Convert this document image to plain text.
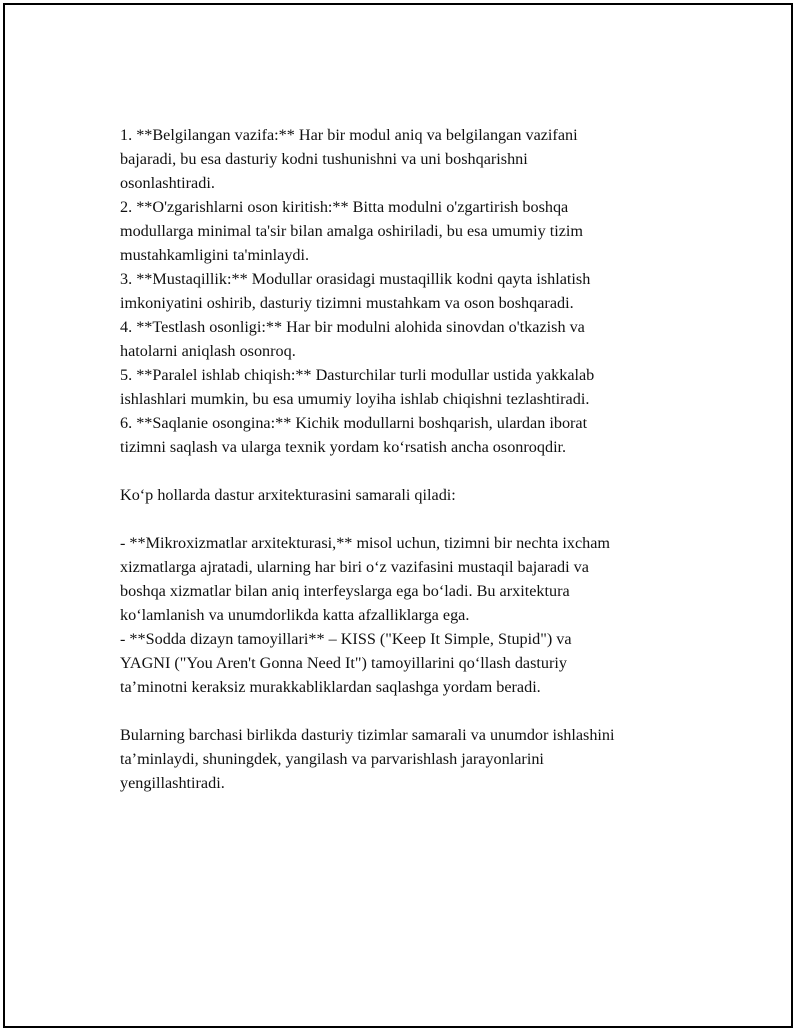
1. **Belgilangan vazifa:** Har bir modul aniq va belgilangan vazifani
bajaradi, bu esa dasturiy kodni tushunishni va uni boshqarishni
osonlashtiradi.

2. **O'zgarishlarni oson kiritish:** Bitta modulni o'zgartirish boshqa
modullarga minimal ta'sir bilan amalga oshiriladi, bu esa umumiy tizim
mustahkamligini ta'minlaydi.

3. **Mustaqillik:** Modullar orasidagi mustaqillik kodni qayta ishlatish
imkoniyatini oshirib, dasturiy tizimni mustahkam va oson boshqaradi.

4. **Testlash osonligi:** Har bir modulni alohida sinovdan o'tkazish va
hatolarni aniqlash osonroq.

5. **Paralel ishlab chiqish:** Dasturchilar turli modullar ustida yakkalab
ishlashlari mumkin, bu esa umumiy loyiha ishlab chiqishni tezlashtiradi.

6. **Saqlanie osongina:** Kichik modullarni boshqarish, ulardan iborat
tizimni saqlash va ularga texnik yordam koʻrsatish ancha osonroqdir.

Koʻp hollarda dastur arxitekturasini samarali qiladi:

- **Mikroxizmatlar arxitekturasi,** misol uchun, tizimni bir nechta ixcham
xizmatlarga ajratadi, ularning har biri oʻz vazifasini mustaqil bajaradi va
boshqa xizmatlar bilan aniq interfeyslarga ega boʻladi. Bu arxitektura
koʻlamlanish va unumdorlikda katta afzalliklarga ega.

- **Sodda dizayn tamoyillari** – KISS ("Keep It Simple, Stupid") va
YAGNI ("You Aren't Gonna Need It") tamoyillarini qoʻllash dasturiy
taʼminotni keraksiz murakkabliklardan saqlashga yordam beradi.

Bularning barchasi birlikda dasturiy tizimlar samarali va unumdor ishlashini
taʼminlaydi, shuningdek, yangilash va parvarishlash jarayonlarini
yengillashtiradi.
